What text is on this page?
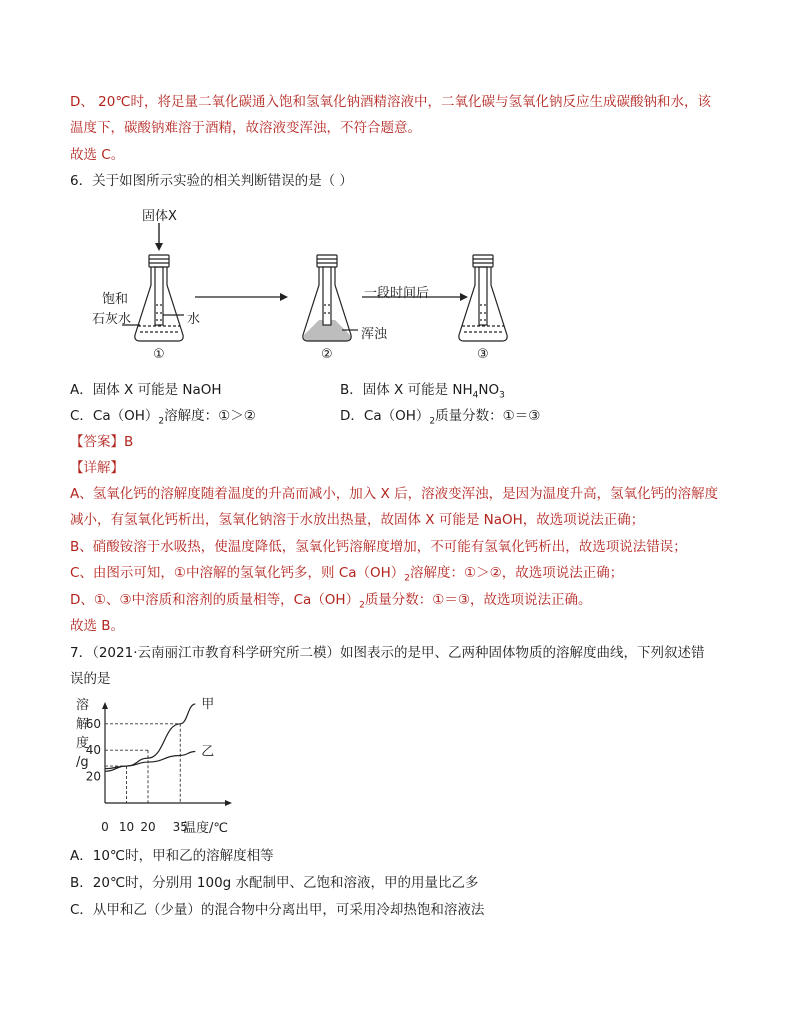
D、 20℃时，将足量二氧化碳通入饱和氢氧化钠酒精溶液中，二氧化碳与氢氧化钠反应生成碳酸钠和水，该
温度下，碳酸钠难溶于酒精，故溶液变浑浊，不符合题意。
故选 C。
6．关于如图所示实验的相关判断错误的是（ ）
固体X
饱和
石灰水	水
浑浊
一段时间后
①	②	③
A．固体 X 可能是 NaOH	B．固体 X 可能是 $NH_4NO_3$
C．$Ca(OH)_2$溶解度：①＞②	D．$Ca(OH)_2$质量分数：①＝③
【答案】B
【详解】
A、氢氧化钙的溶解度随着温度的升高而减小，加入 X 后，溶液变浑浊，是因为温度升高，氢氧化钙的溶解度
减小，有氢氧化钙析出，氢氧化钠溶于水放出热量，故固体 X 可能是 NaOH，故选项说法正确；
B、硝酸铵溶于水吸热，使温度降低，氢氧化钙溶解度增加，不可能有氢氧化钙析出，故选项说法错误；
C、由图示可知，①中溶解的氢氧化钙多，则 $Ca(OH)_2$溶解度：①＞②，故选项说法正确；
D、①、③中溶质和溶剂的质量相等，$Ca(OH)_2$质量分数：①＝③，故选项说法正确。
故选 B。
7．（2021·云南丽江市教育科学研究所二模）如图表示的是甲、乙两种固体物质的溶解度曲线，下列叙述错
误的是
甲
乙
0 10 20 35
20
40
60
溶
解
度
/g
温度/℃
A．10℃时，甲和乙的溶解度相等
B．20℃时，分别用 100g 水配制甲、乙饱和溶液，甲的用量比乙多
C．从甲和乙（少量）的混合物中分离出甲，可采用冷却热饱和溶液法
